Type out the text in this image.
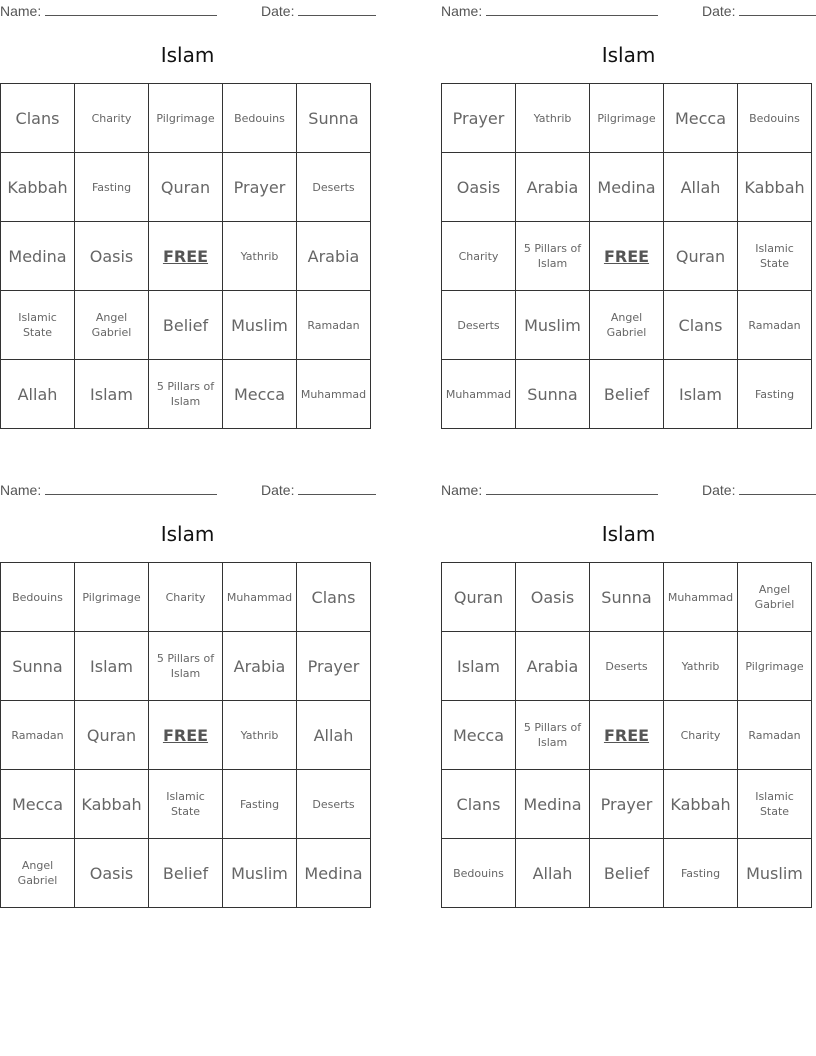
Name:	Date:
Islam
Clans	Charity	Pilgrimage	Bedouins	Sunna
Kabbah	Fasting	Quran	Prayer	Deserts
Medina	Oasis	FREE	Yathrib	Arabia
Islamic State	Angel Gabriel	Belief	Muslim	Ramadan
Allah	Islam	5 Pillars of Islam	Mecca	Muhammad
Name:	Date:
Islam
Prayer	Yathrib	Pilgrimage	Mecca	Bedouins
Oasis	Arabia	Medina	Allah	Kabbah
Charity	5 Pillars of Islam	FREE	Quran	Islamic State
Deserts	Muslim	Angel Gabriel	Clans	Ramadan
Muhammad	Sunna	Belief	Islam	Fasting
Name:	Date:
Islam
Bedouins	Pilgrimage	Charity	Muhammad	Clans
Sunna	Islam	5 Pillars of Islam	Arabia	Prayer
Ramadan	Quran	FREE	Yathrib	Allah
Mecca	Kabbah	Islamic State	Fasting	Deserts
Angel Gabriel	Oasis	Belief	Muslim	Medina
Name:	Date:
Islam
Quran	Oasis	Sunna	Muhammad	Angel Gabriel
Islam	Arabia	Deserts	Yathrib	Pilgrimage
Mecca	5 Pillars of Islam	FREE	Charity	Ramadan
Clans	Medina	Prayer	Kabbah	Islamic State
Bedouins	Allah	Belief	Fasting	Muslim
